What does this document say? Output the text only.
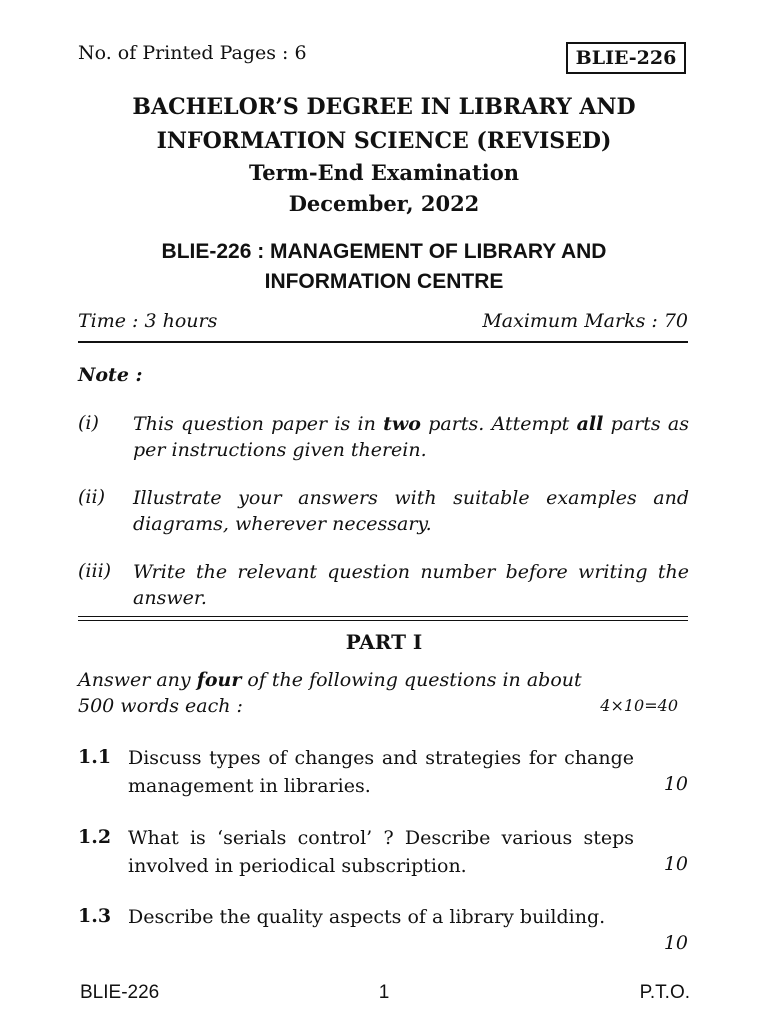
No. of Printed Pages : 6	BLIE-226
BACHELOR’S DEGREE IN LIBRARY AND
INFORMATION SCIENCE (REVISED)
Term-End Examination
December, 2022
BLIE-226 : MANAGEMENT OF LIBRARY AND
INFORMATION CENTRE
Time : 3 hours	Maximum Marks : 70
Note :
(i) This question paper is in two parts. Attempt all parts as per instructions given therein.
(ii) Illustrate your answers with suitable examples and diagrams, wherever necessary.
(iii) Write the relevant question number before writing the answer.
PART I
Answer any four of the following questions in about 500 words each :	4×10=40
1.1 Discuss types of changes and strategies for change management in libraries.	10
1.2 What is ‘serials control’ ? Describe various steps involved in periodical subscription.	10
1.3 Describe the quality aspects of a library building.
10
BLIE-226	1	P.T.O.
